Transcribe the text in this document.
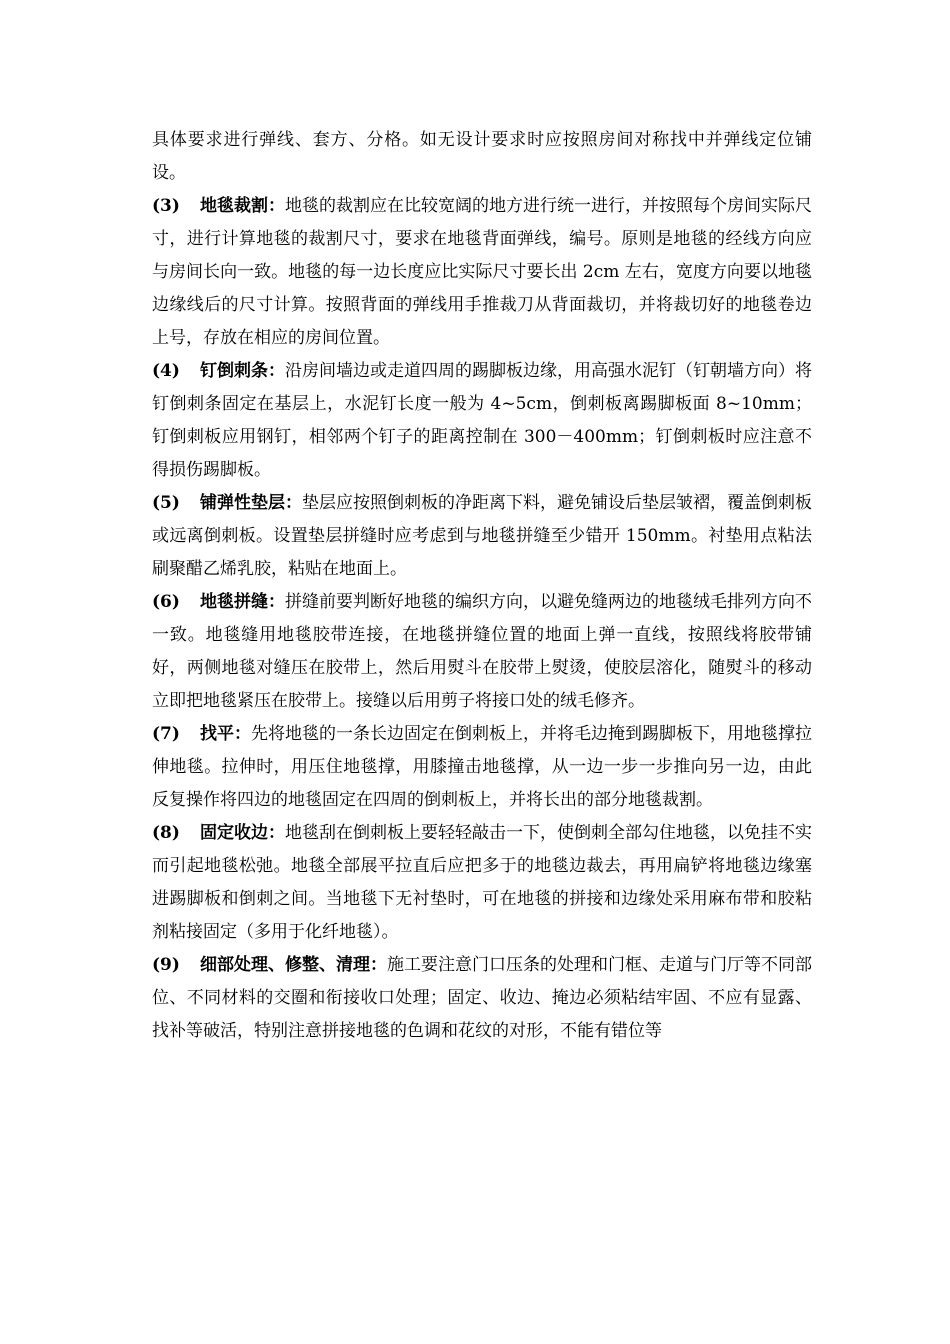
具体要求进行弹线、套方、分格。如无设计要求时应按照房间对称找中并弹线定位铺设。

(3) 地毯裁割：地毯的裁割应在比较宽阔的地方进行统一进行，并按照每个房间实际尺寸，进行计算地毯的裁割尺寸，要求在地毯背面弹线，编号。原则是地毯的经线方向应与房间长向一致。地毯的每一边长度应比实际尺寸要长出 2cm 左右，宽度方向要以地毯边缘线后的尺寸计算。按照背面的弹线用手推裁刀从背面裁切，并将裁切好的地毯卷边上号，存放在相应的房间位置。

(4) 钉倒刺条：沿房间墙边或走道四周的踢脚板边缘，用高强水泥钉（钉朝墙方向）将钉倒刺条固定在基层上，水泥钉长度一般为 4~5cm，倒刺板离踢脚板面 8~10mm；钉倒刺板应用钢钉，相邻两个钉子的距离控制在 300－400mm；钉倒刺板时应注意不得损伤踢脚板。

(5) 铺弹性垫层：垫层应按照倒刺板的净距离下料，避免铺设后垫层皱褶，覆盖倒刺板或远离倒刺板。设置垫层拼缝时应考虑到与地毯拼缝至少错开 150mm。衬垫用点粘法刷聚醋乙烯乳胶，粘贴在地面上。

(6) 地毯拼缝：拼缝前要判断好地毯的编织方向，以避免缝两边的地毯绒毛排列方向不一致。地毯缝用地毯胶带连接，在地毯拼缝位置的地面上弹一直线，按照线将胶带铺好，两侧地毯对缝压在胶带上，然后用熨斗在胶带上熨烫，使胶层溶化，随熨斗的移动立即把地毯紧压在胶带上。接缝以后用剪子将接口处的绒毛修齐。

(7) 找平：先将地毯的一条长边固定在倒刺板上，并将毛边掩到踢脚板下，用地毯撑拉伸地毯。拉伸时，用压住地毯撑，用膝撞击地毯撑，从一边一步一步推向另一边，由此反复操作将四边的地毯固定在四周的倒刺板上，并将长出的部分地毯裁割。

(8) 固定收边：地毯刮在倒刺板上要轻轻敲击一下，使倒刺全部勾住地毯，以免挂不实而引起地毯松弛。地毯全部展平拉直后应把多于的地毯边裁去，再用扁铲将地毯边缘塞进踢脚板和倒刺之间。当地毯下无衬垫时，可在地毯的拼接和边缘处采用麻布带和胶粘剂粘接固定（多用于化纤地毯）。

(9) 细部处理、修整、清理：施工要注意门口压条的处理和门框、走道与门厅等不同部位、不同材料的交圈和衔接收口处理；固定、收边、掩边必须粘结牢固、不应有显露、找补等破活，特别注意拼接地毯的色调和花纹的对形，不能有错位等
